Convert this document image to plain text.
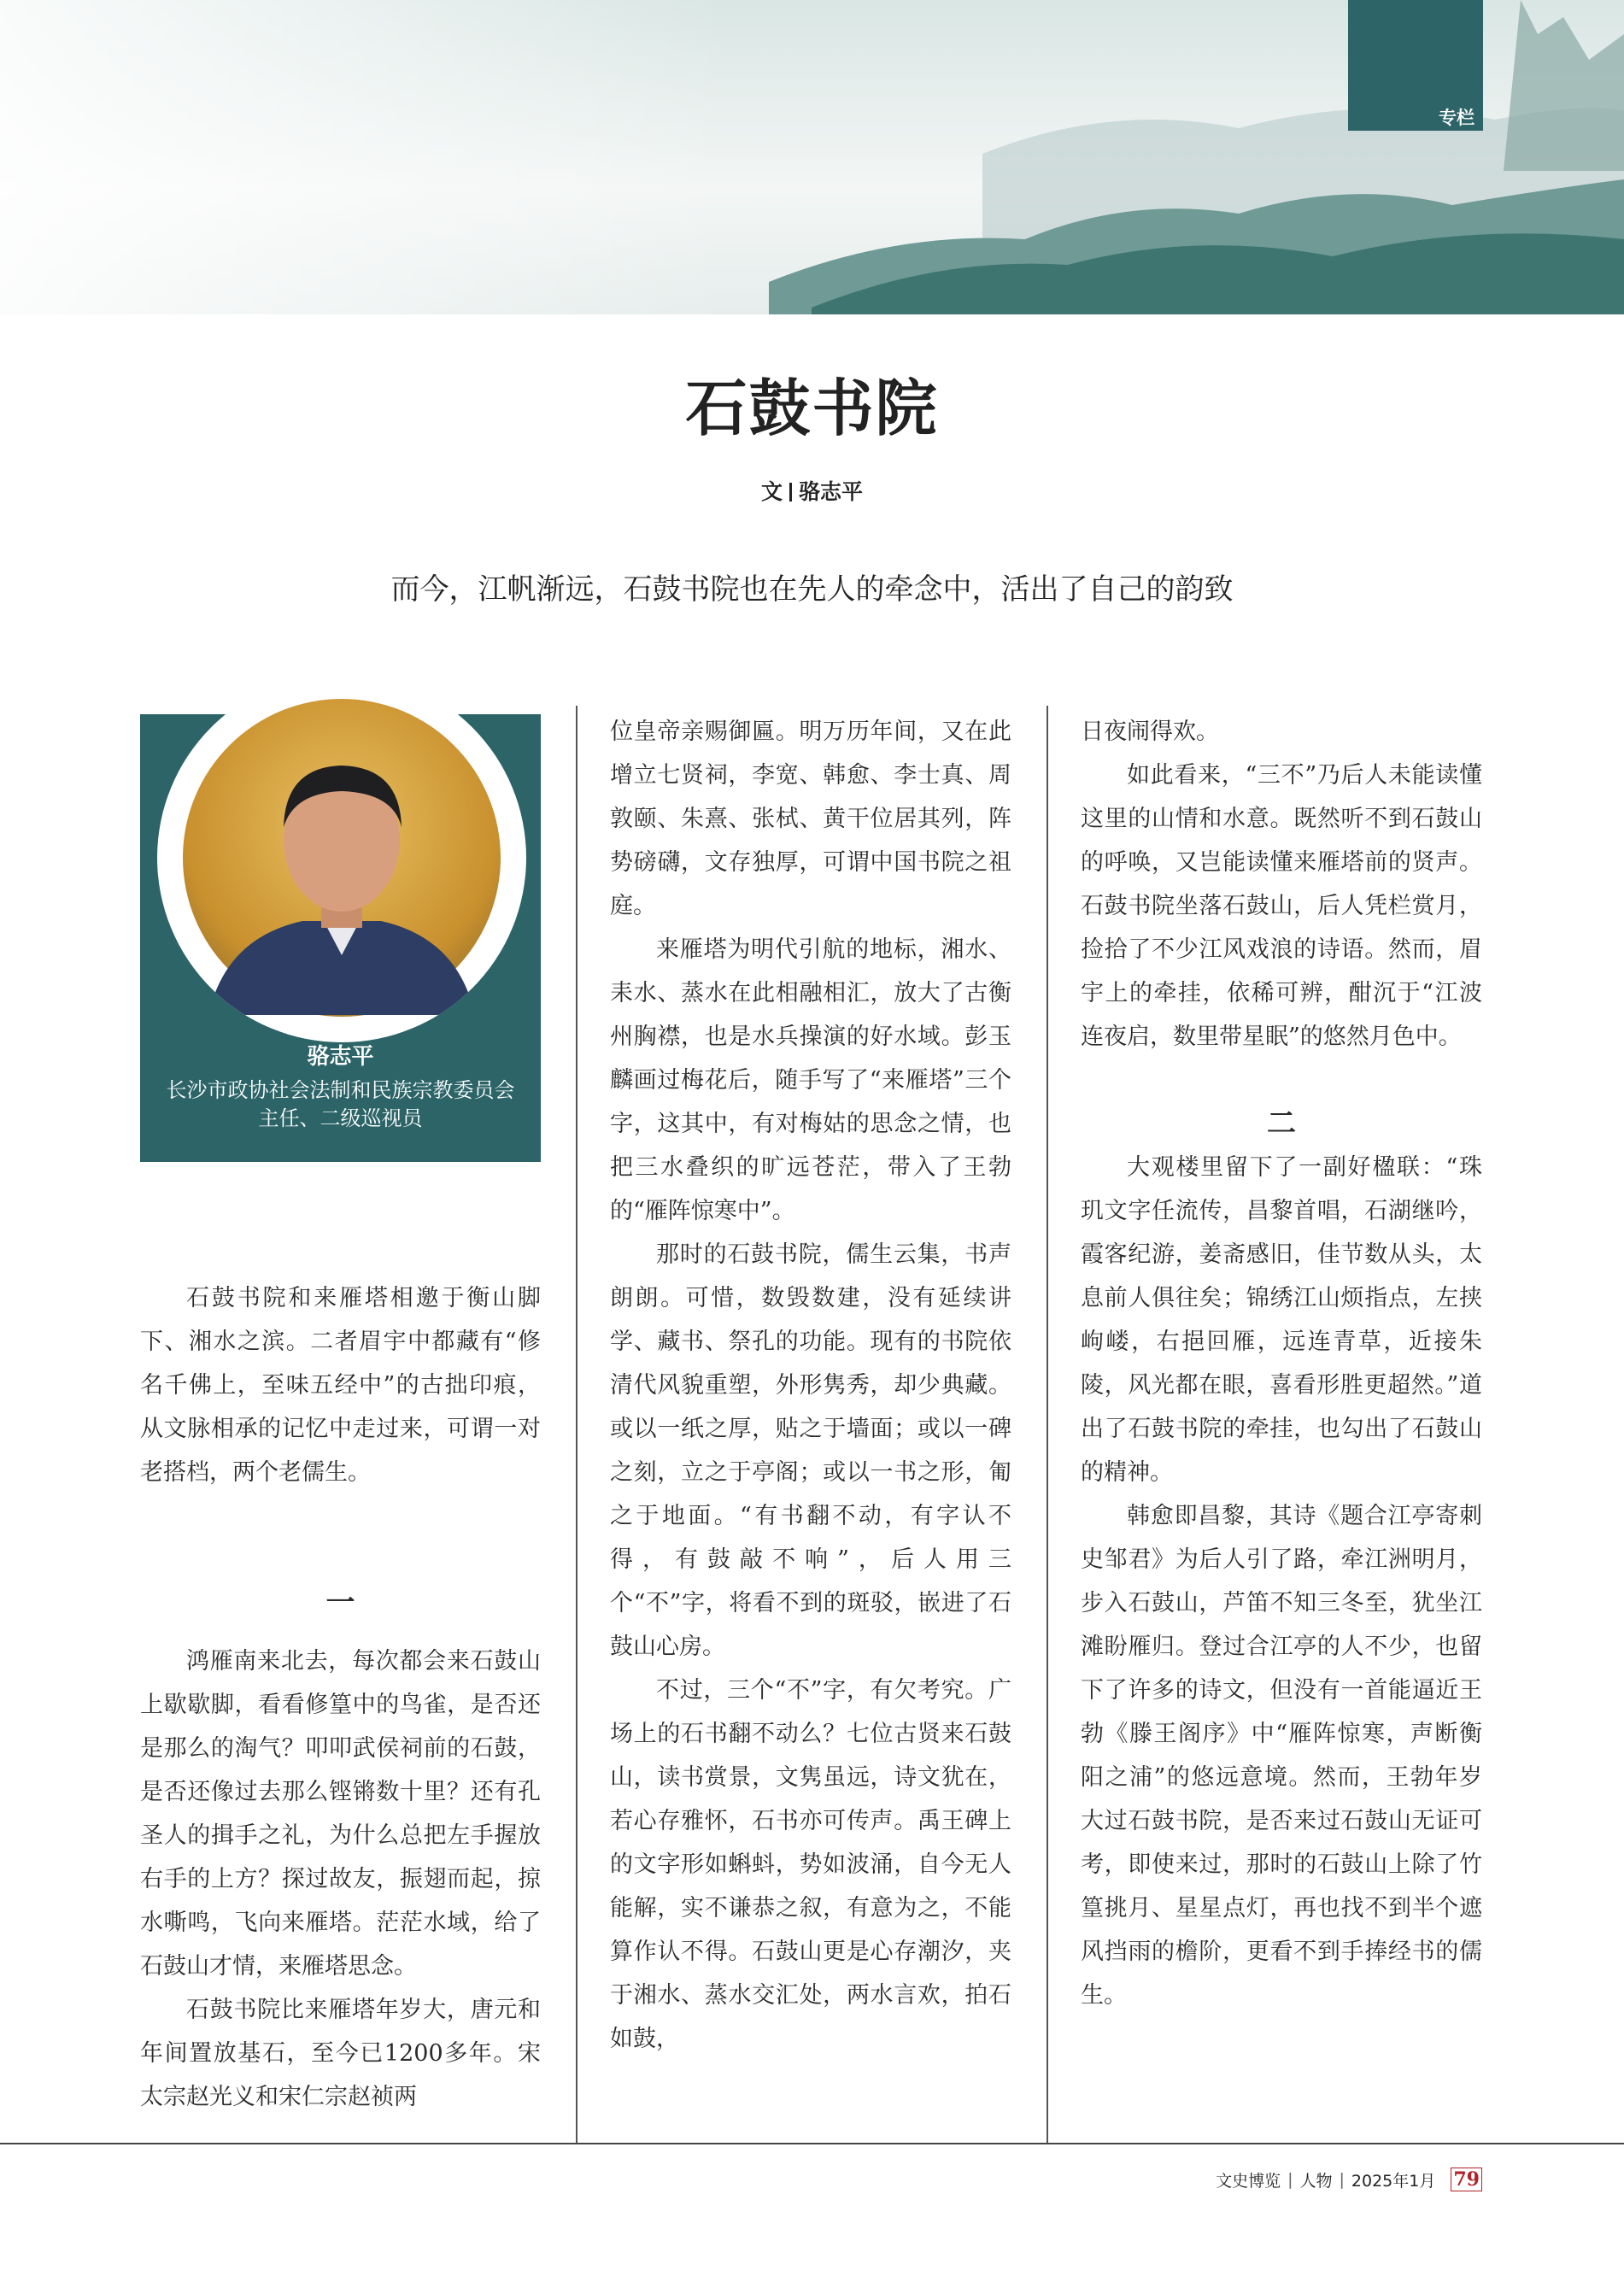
专栏
石鼓书院
文 骆志平
而今，江帆渐远，石鼓书院也在先人的牵念中，活出了自己的韵致
骆志平
长沙市政协社会法制和民族宗教委员会
主任、二级巡视员

石鼓书院和来雁塔相邀于衡山脚下、湘水之滨。二者眉宇中都藏有“修名千佛上，至味五经中”的古拙印痕，从文脉相承的记忆中走过来，可谓一对老搭档，两个老儒生。

一

鸿雁南来北去，每次都会来石鼓山上歇歇脚，看看修篁中的鸟雀，是否还是那么的淘气？叩叩武侯祠前的石鼓，是否还像过去那么铿锵数十里？还有孔圣人的揖手之礼，为什么总把左手握放右手的上方？探过故友，振翅而起，掠水嘶鸣，飞向来雁塔。茫茫水域，给了石鼓山才情，来雁塔思念。

石鼓书院比来雁塔年岁大，唐元和年间置放基石，至今已1200多年。宋太宗赵光义和宋仁宗赵祯两

位皇帝亲赐御匾。明万历年间，又在此增立七贤祠，李宽、韩愈、李士真、周敦颐、朱熹、张栻、黄干位居其列，阵势磅礴，文存独厚，可谓中国书院之祖庭。

来雁塔为明代引航的地标，湘水、耒水、蒸水在此相融相汇，放大了古衡州胸襟，也是水兵操演的好水域。彭玉麟画过梅花后，随手写了“来雁塔”三个字，这其中，有对梅姑的思念之情，也把三水叠织的旷远苍茫，带入了王勃的“雁阵惊寒中”。

那时的石鼓书院，儒生云集，书声朗朗。可惜，数毁数建，没有延续讲学、藏书、祭孔的功能。现有的书院依清代风貌重塑，外形隽秀，却少典藏。或以一纸之厚，贴之于墙面；或以一碑之刻，立之于亭阁；或以一书之形，匍之于地面。“有书翻不动，有字认不得，有鼓敲不响”，后人用三个“不”字，将看不到的斑驳，嵌进了石鼓山心房。

不过，三个“不”字，有欠考究。广场上的石书翻不动么？七位古贤来石鼓山，读书赏景，文隽虽远，诗文犹在，若心存雅怀，石书亦可传声。禹王碑上的文字形如蝌蚪，势如波涌，自今无人能解，实不谦恭之叙，有意为之，不能算作认不得。石鼓山更是心存潮汐，夹于湘水、蒸水交汇处，两水言欢，拍石如鼓，

日夜闹得欢。

如此看来，“三不”乃后人未能读懂这里的山情和水意。既然听不到石鼓山的呼唤，又岂能读懂来雁塔前的贤声。石鼓书院坐落石鼓山，后人凭栏赏月，捡拾了不少江风戏浪的诗语。然而，眉宇上的牵挂，依稀可辨，酣沉于“江波连夜启，数里带星眠”的悠然月色中。

二

大观楼里留下了一副好楹联：“珠玑文字任流传，昌黎首唱，石湖继吟，霞客纪游，姜斋感旧，佳节数从头，太息前人俱往矣；锦绣江山烦指点，左挟岣嵝，右挹回雁，远连青草，近接朱陵，风光都在眼，喜看形胜更超然。”道出了石鼓书院的牵挂，也勾出了石鼓山的精神。

韩愈即昌黎，其诗《题合江亭寄刺史邹君》为后人引了路，牵江洲明月，步入石鼓山，芦笛不知三冬至，犹坐江滩盼雁归。登过合江亭的人不少，也留下了许多的诗文，但没有一首能逼近王勃《滕王阁序》中“雁阵惊寒，声断衡阳之浦”的悠远意境。然而，王勃年岁大过石鼓书院，是否来过石鼓山无证可考，即使来过，那时的石鼓山上除了竹篁挑月、星星点灯，再也找不到半个遮风挡雨的檐阶，更看不到手捧经书的儒生。

文史博览 | 人物 | 2025年1月 79
